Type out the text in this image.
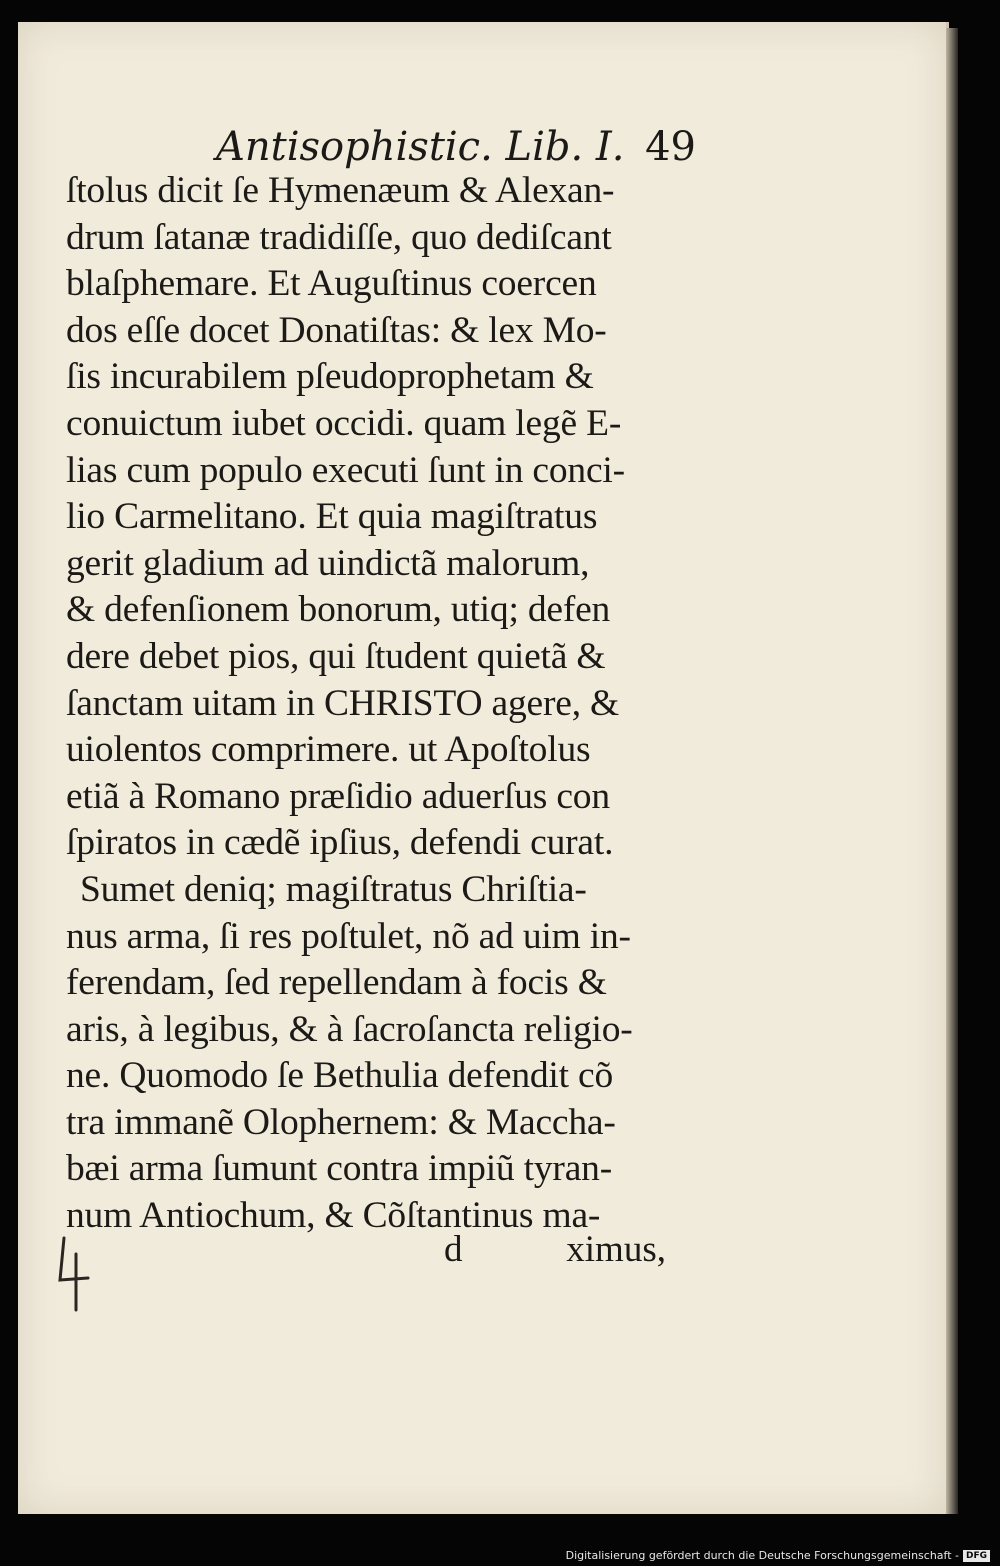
Antisophistic. Lib. I. 49
ſtolus dicit ſe Hymenæum & Alexan-
drum ſatanæ tradidiſſe, quo dediſcant
blaſphemare. Et Auguſtinus coercen
dos eſſe docet Donatiſtas: & lex Mo-
ſis incurabilem pſeudoprophetam &
conuictum iubet occidi. quam legẽ E-
lias cum populo executi ſunt in conci-
lio Carmelitano. Et quia magiſtratus
gerit gladium ad uindictã malorum,
& defenſionem bonorum, utiq; defen
dere debet pios, qui ſtudent quietã &
ſanctam uitam in CHRISTO agere, &
uiolentos comprimere. ut Apoſtolus
etiã à Romano præſidio aduerſus con
ſpiratos in cædẽ ipſius, defendi curat.
Sumet deniq; magiſtratus Chriſtia-
nus arma, ſi res poſtulet, nõ ad uim in-
ferendam, ſed repellendam à focis &
aris, à legibus, & à ſacroſancta religio-
ne. Quomodo ſe Bethulia defendit cõ
tra immanẽ Olophernem: & Maccha-
bæi arma ſumunt contra impiũ tyran-
num Antiochum, & Cõſtantinus ma-
d	ximus,
Digitalisierung gefördert durch die Deutsche Forschungsgemeinschaft - DFG
